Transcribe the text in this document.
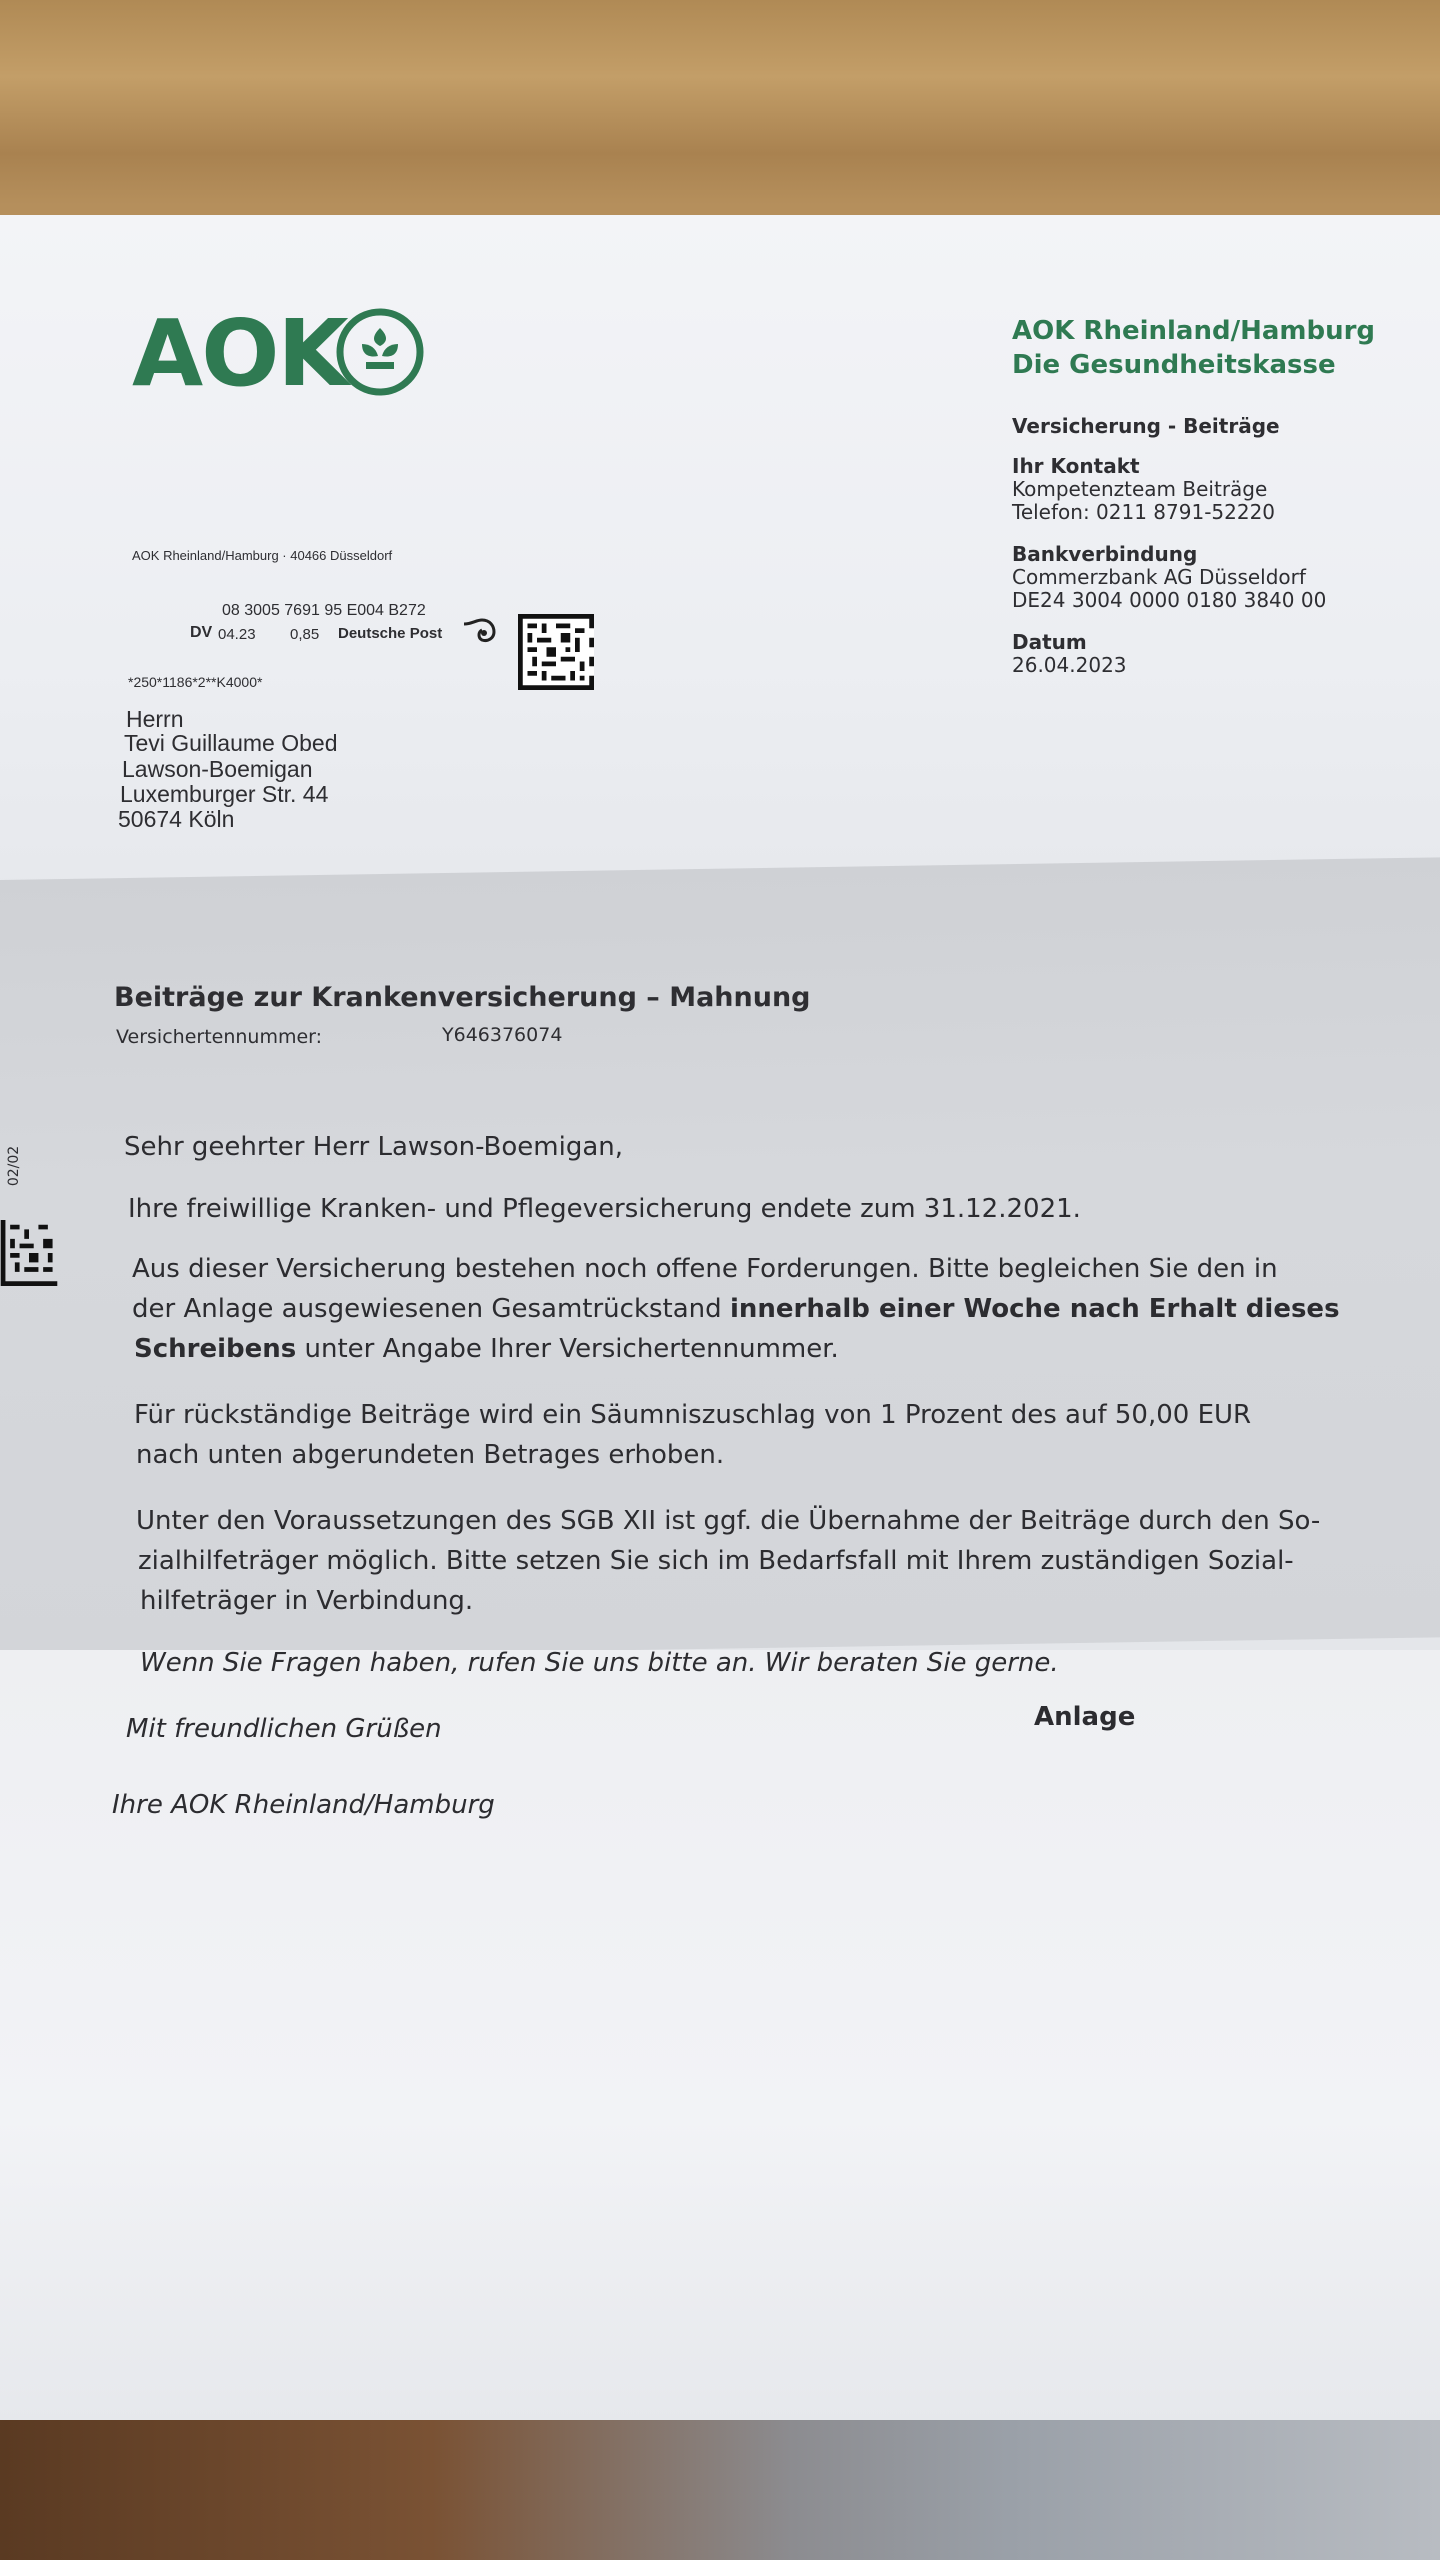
AOK	AOK Rheinland/Hamburg
Die Gesundheitskasse
Versicherung - Beiträge
Ihr Kontakt
Kompetenzteam Beiträge
Telefon: 0211 8791-52220
Bankverbindung
Commerzbank AG Düsseldorf
DE24 3004 0000 0180 3840 00
Datum
26.04.2023
AOK Rheinland/Hamburg · 40466 Düsseldorf
08 3005 7691 95 E004 B272
DV 04.23 0,85 Deutsche Post
*250*1186*2**K4000*
Herrn
Tevi Guillaume Obed
Lawson-Boemigan
Luxemburger Str. 44
50674 Köln
02/02
Beiträge zur Krankenversicherung – Mahnung
Versichertennummer:	Y646376074
Sehr geehrter Herr Lawson-Boemigan,
Ihre freiwillige Kranken- und Pflegeversicherung endete zum 31.12.2021.
Aus dieser Versicherung bestehen noch offene Forderungen. Bitte begleichen Sie den in
der Anlage ausgewiesenen Gesamtrückstand innerhalb einer Woche nach Erhalt dieses
Schreibens unter Angabe Ihrer Versichertennummer.
Für rückständige Beiträge wird ein Säumniszuschlag von 1 Prozent des auf 50,00 EUR
nach unten abgerundeten Betrages erhoben.
Unter den Voraussetzungen des SGB XII ist ggf. die Übernahme der Beiträge durch den So-
zialhilfeträger möglich. Bitte setzen Sie sich im Bedarfsfall mit Ihrem zuständigen Sozial-
hilfeträger in Verbindung.
Wenn Sie Fragen haben, rufen Sie uns bitte an. Wir beraten Sie gerne.
Mit freundlichen Grüßen	Anlage
Ihre AOK Rheinland/Hamburg
